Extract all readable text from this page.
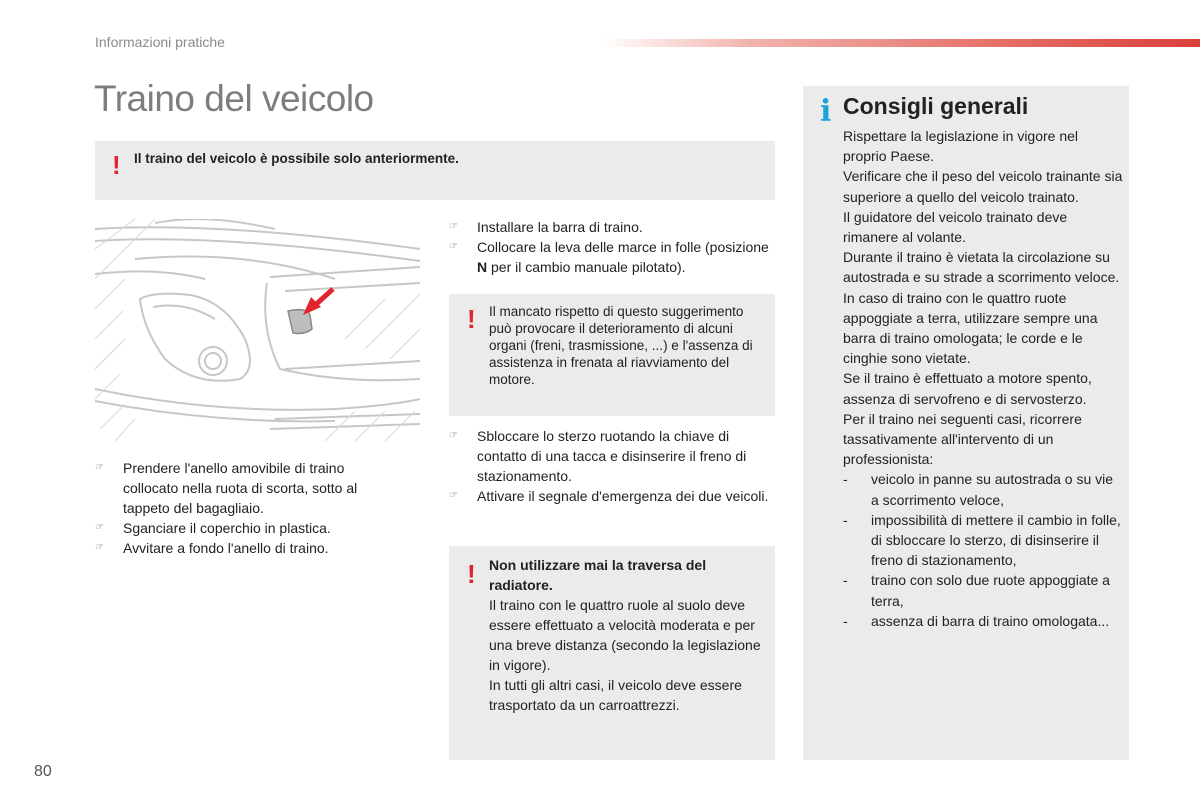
Informazioni pratiche
Traino del veicolo
! Il traino del veicolo è possibile solo anteriormente.
☞ Prendere l'anello amovibile di traino collocato nella ruota di scorta, sotto al tappeto del bagagliaio.
☞ Sganciare il coperchio in plastica.
☞ Avvitare a fondo l'anello di traino.
☞ Installare la barra di traino.
☞ Collocare la leva delle marce in folle (posizione N per il cambio manuale pilotato).
! Il mancato rispetto di questo suggerimento può provocare il deterioramento di alcuni organi (freni, trasmissione, ...) e l'assenza di assistenza in frenata al riavviamento del motore.
☞ Sbloccare lo sterzo ruotando la chiave di contatto di una tacca e disinserire il freno di stazionamento.
☞ Attivare il segnale d'emergenza dei due veicoli.
! Non utilizzare mai la traversa del radiatore.
Il traino con le quattro ruole al suolo deve essere effettuato a velocità moderata e per una breve distanza (secondo la legislazione in vigore).
In tutti gli altri casi, il veicolo deve essere trasportato da un carroattrezzi.
i Consigli generali

Rispettare la legislazione in vigore nel proprio Paese.

Verificare che il peso del veicolo trainante sia superiore a quello del veicolo trainato.

Il guidatore del veicolo trainato deve rimanere al volante.

Durante il traino è vietata la circolazione su autostrada e su strade a scorrimento veloce.

In caso di traino con le quattro ruote appoggiate a terra, utilizzare sempre una barra di traino omologata; le corde e le cinghie sono vietate.

Se il traino è effettuato a motore spento, assenza di servofreno e di servosterzo.

Per il traino nei seguenti casi, ricorrere tassativamente all'intervento di un professionista:

- veicolo in panne su autostrada o su vie a scorrimento veloce,
- impossibilità di mettere il cambio in folle, di sbloccare lo sterzo, di disinserire il freno di stazionamento,
- traino con solo due ruote appoggiate a terra,
- assenza di barra di traino omologata...
80
